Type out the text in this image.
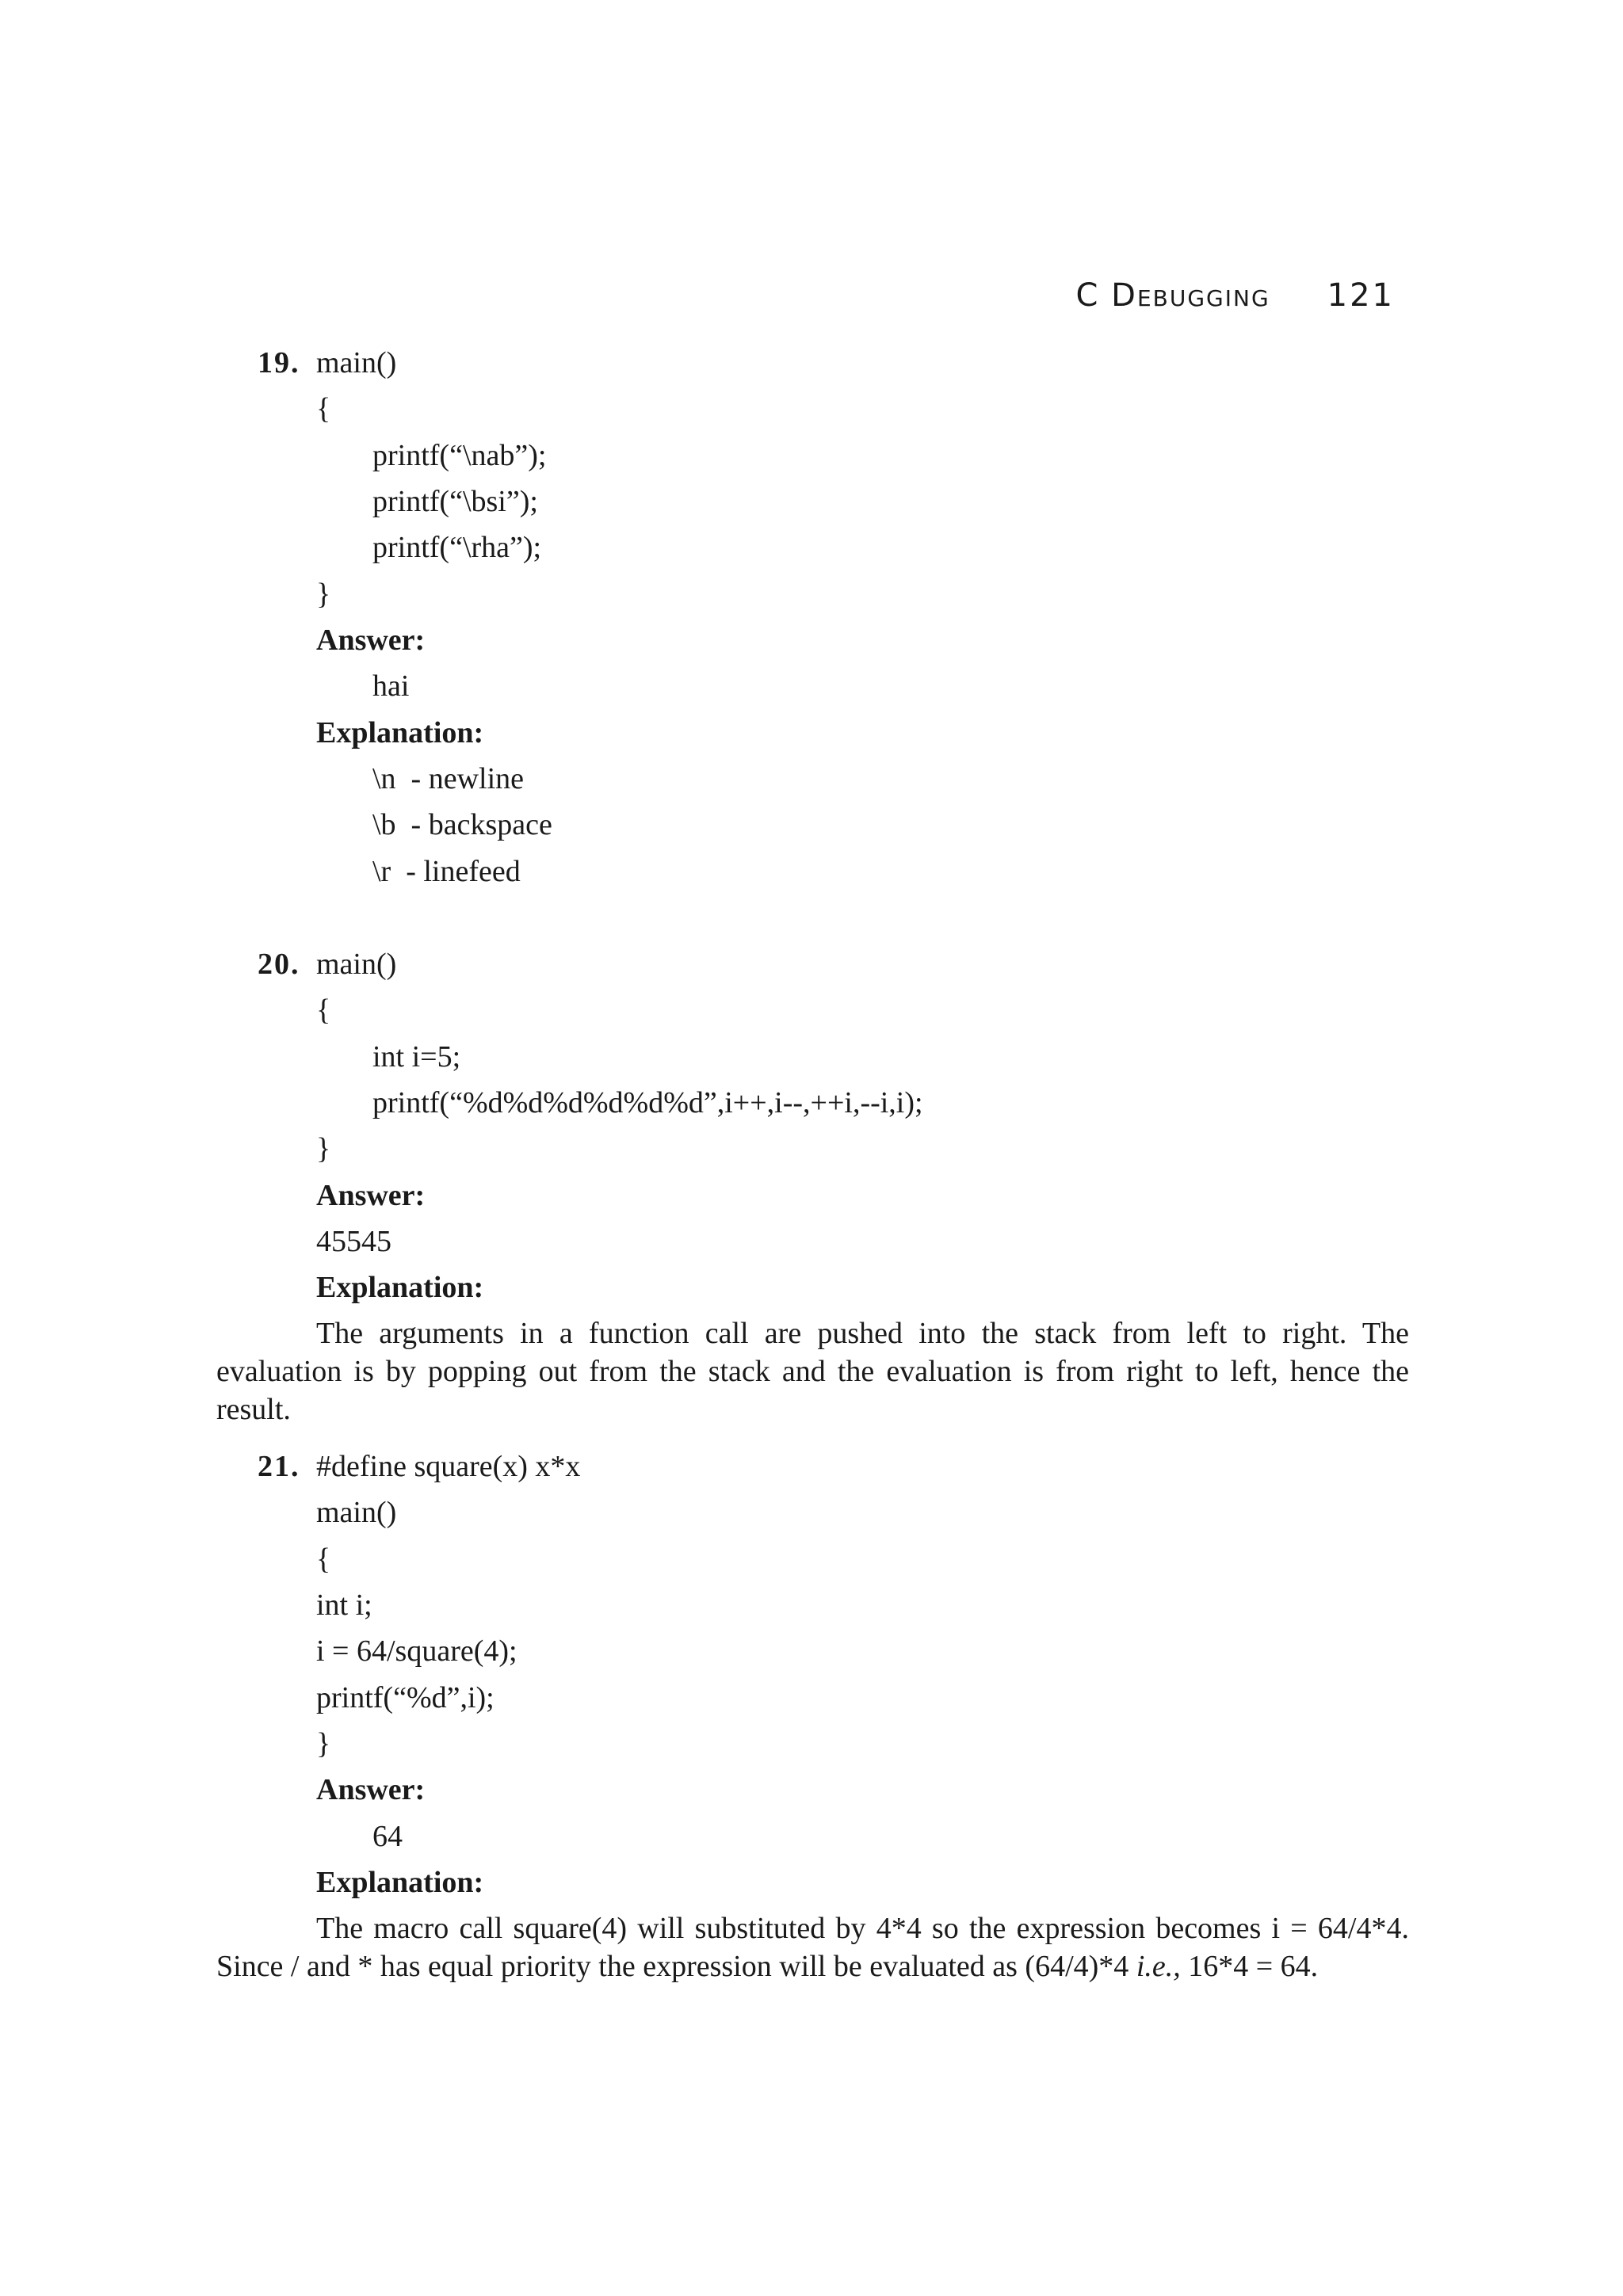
C Debugging 121
19. main()
{
printf(“\nab”);
printf(“\bsi”);
printf(“\rha”);
}
Answer:
hai
Explanation:
\n  - newline
\b  - backspace
\r  - linefeed
20. main()
{
int i=5;
printf(“%d%d%d%d%d%d”,i++,i--,++i,--i,i);
}
Answer:
45545
Explanation:
The arguments in a function call are pushed into the stack from left to right. The evaluation is by popping out from the stack and the evaluation is from right to left, hence the result.
21. #define square(x) x*x
main()
{
int i;
i = 64/square(4);
printf(“%d”,i);
}
Answer:
64
Explanation:
The macro call square(4) will substituted by 4*4 so the expression becomes i = 64/4*4. Since / and * has equal priority the expression will be evaluated as (64/4)*4 i.e., 16*4 = 64.
